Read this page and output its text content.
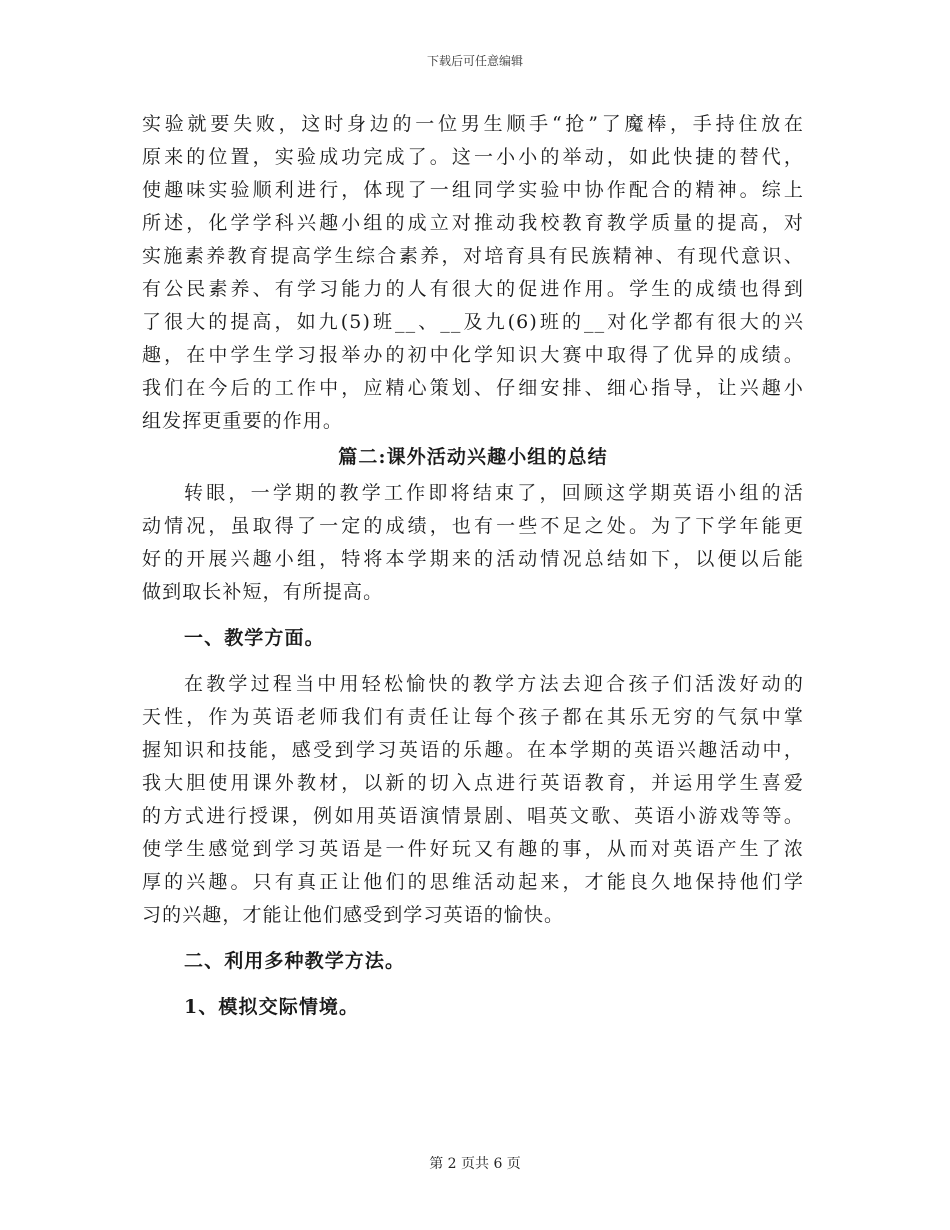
下载后可任意编辑
实验就要失败，这时身边的一位男生顺手“抢”了魔棒，手持住放在
原来的位置，实验成功完成了。这一小小的举动，如此快捷的替代，
使趣味实验顺利进行，体现了一组同学实验中协作配合的精神。综上
所述，化学学科兴趣小组的成立对推动我校教育教学质量的提高，对
实施素养教育提高学生综合素养，对培育具有民族精神、有现代意识、
有公民素养、有学习能力的人有很大的促进作用。学生的成绩也得到
了很大的提高，如九(5)班__、__及九(6)班的__对化学都有很大的兴
趣，在中学生学习报举办的初中化学知识大赛中取得了优异的成绩。
我们在今后的工作中，应精心策划、仔细安排、细心指导，让兴趣小
组发挥更重要的作用。
篇二:课外活动兴趣小组的总结
转眼，一学期的教学工作即将结束了，回顾这学期英语小组的活
动情况，虽取得了一定的成绩，也有一些不足之处。为了下学年能更
好的开展兴趣小组，特将本学期来的活动情况总结如下，以便以后能
做到取长补短，有所提高。
一、教学方面。
在教学过程当中用轻松愉快的教学方法去迎合孩子们活泼好动的
天性，作为英语老师我们有责任让每个孩子都在其乐无穷的气氛中掌
握知识和技能，感受到学习英语的乐趣。在本学期的英语兴趣活动中，
我大胆使用课外教材，以新的切入点进行英语教育，并运用学生喜爱
的方式进行授课，例如用英语演情景剧、唱英文歌、英语小游戏等等。
使学生感觉到学习英语是一件好玩又有趣的事，从而对英语产生了浓
厚的兴趣。只有真正让他们的思维活动起来，才能良久地保持他们学
习的兴趣，才能让他们感受到学习英语的愉快。
二、利用多种教学方法。
1、模拟交际情境。
第 2 页共 6 页
